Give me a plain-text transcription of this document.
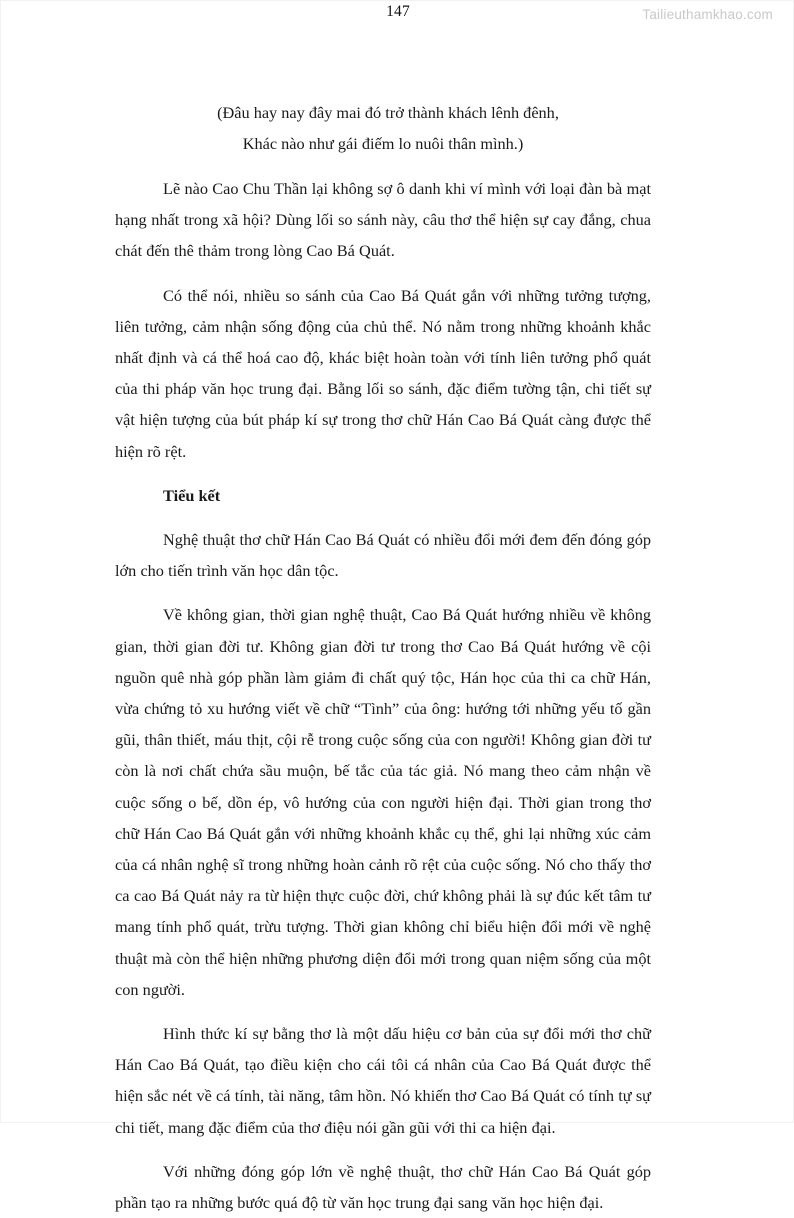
147	Tailieuthamkhao.com
(Đâu hay nay đây mai đó trở thành khách lênh đênh,
Khác nào như gái điếm lo nuôi thân mình.)

Lẽ nào Cao Chu Thần lại không sợ ô danh khi ví mình với loại đàn bà mạt hạng nhất trong xã hội? Dùng lối so sánh này, câu thơ thể hiện sự cay đắng, chua chát đến thê thảm trong lòng Cao Bá Quát.

Có thể nói, nhiều so sánh của Cao Bá Quát gắn với những tưởng tượng, liên tưởng, cảm nhận sống động của chủ thể. Nó nằm trong những khoảnh khắc nhất định và cá thể hoá cao độ, khác biệt hoàn toàn với tính liên tưởng phổ quát của thi pháp văn học trung đại. Bằng lối so sánh, đặc điểm tường tận, chi tiết sự vật hiện tượng của bút pháp kí sự trong thơ chữ Hán Cao Bá Quát càng được thể hiện rõ rệt.

Tiểu kết

Nghệ thuật thơ chữ Hán Cao Bá Quát có nhiều đổi mới đem đến đóng góp lớn cho tiến trình văn học dân tộc.

Về không gian, thời gian nghệ thuật, Cao Bá Quát hướng nhiều về không gian, thời gian đời tư. Không gian đời tư trong thơ Cao Bá Quát hướng về cội nguồn quê nhà góp phần làm giảm đi chất quý tộc, Hán học của thi ca chữ Hán, vừa chứng tỏ xu hướng viết về chữ “Tình” của ông: hướng tới những yếu tố gần gũi, thân thiết, máu thịt, cội rễ trong cuộc sống của con người! Không gian đời tư còn là nơi chất chứa sầu muộn, bế tắc của tác giả. Nó mang theo cảm nhận về cuộc sống o bế, dồn ép, vô hướng của con người hiện đại. Thời gian trong thơ chữ Hán Cao Bá Quát gắn với những khoảnh khắc cụ thể, ghi lại những xúc cảm của cá nhân nghệ sĩ trong những hoàn cảnh rõ rệt của cuộc sống. Nó cho thấy thơ ca cao Bá Quát nảy ra từ hiện thực cuộc đời, chứ không phải là sự đúc kết tâm tư mang tính phổ quát, trừu tượng. Thời gian không chỉ biểu hiện đổi mới về nghệ thuật mà còn thể hiện những phương diện đổi mới trong quan niệm sống của một con người.

Hình thức kí sự bằng thơ là một dấu hiệu cơ bản của sự đổi mới thơ chữ Hán Cao Bá Quát, tạo điều kiện cho cái tôi cá nhân của Cao Bá Quát được thể hiện sắc nét về cá tính, tài năng, tâm hồn. Nó khiến thơ Cao Bá Quát có tính tự sự chi tiết, mang đặc điểm của thơ điệu nói gần gũi với thi ca hiện đại.

Với những đóng góp lớn về nghệ thuật, thơ chữ Hán Cao Bá Quát góp phần tạo ra những bước quá độ từ văn học trung đại sang văn học hiện đại.
